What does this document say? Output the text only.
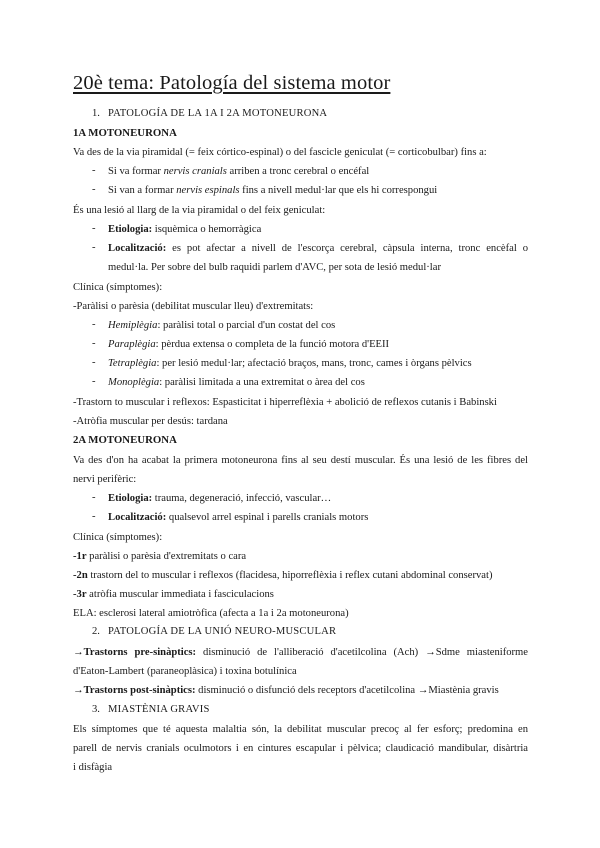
20è tema: Patología del sistema motor
1. PATOLOGÍA DE LA 1A I 2A MOTONEURONA
1A MOTONEURONA
Va des de la via piramidal (= feix córtico-espinal) o del fascicle geniculat (= corticobulbar) fins a:
- Si va formar nervis cranials arriben a tronc cerebral o encéfal
- Si van a formar nervis espinals fins a nivell medul·lar que els hi correspongui
És una lesió al llarg de la via piramidal o del feix geniculat:
- Etiologia: isquèmica o hemorràgica
- Localització: es pot afectar a nivell de l'escorça cerebral, càpsula interna, tronc encèfal o
medul·la. Per sobre del bulb raquidi parlem d'AVC, per sota de lesió medul·lar
Clínica (símptomes):
-Paràlisi o parèsia (debilitat muscular lleu) d'extremitats:
- Hemiplègia: paràlisi total o parcial d'un costat del cos
- Paraplègia: pèrdua extensa o completa de la funció motora d'EEII
- Tetraplègia: per lesió medul·lar; afectació braços, mans, tronc, cames i òrgans pèlvics
- Monoplègia: paràlisi limitada a una extremitat o àrea del cos
-Trastorn to muscular i reflexos: Espasticitat i hiperreflèxia + abolició de reflexos cutanis i Babinski
-Atròfia muscular per desús: tardana
2A MOTONEURONA
Va des d'on ha acabat la primera motoneurona fins al seu destí muscular. És una lesió de les fibres del
nervi perifèric:
- Etiologia: trauma, degeneració, infecció, vascular…
- Localització: qualsevol arrel espinal i parells cranials motors
Clínica (símptomes):
-1r paràlisi o parèsia d'extremitats o cara
-2n trastorn del to muscular i reflexos (flacidesa, hiporreflèxia i reflex cutani abdominal conservat)
-3r atròfia muscular immediata i fasciculacions
ELA: esclerosi lateral amiotròfica (afecta a 1a i 2a motoneurona)
2. PATOLOGÍA DE LA UNIÓ NEURO-MUSCULAR
→Trastorns pre-sinàptics: disminució de l'alliberació d'acetilcolina (Ach) →Sdme miasteniforme
d'Eaton-Lambert (paraneoplàsica) i toxina botulínica
→Trastorns post-sinàptics: disminució o disfunció dels receptors d'acetilcolina →Miastènia gravis
3. MIASTÈNIA GRAVIS
Els símptomes que té aquesta malaltia són, la debilitat muscular precoç al fer esforç; predomina en
parell de nervis cranials oculmotors i en cintures escapular i pèlvica; claudicació mandibular, disàrtria
i disfàgia
